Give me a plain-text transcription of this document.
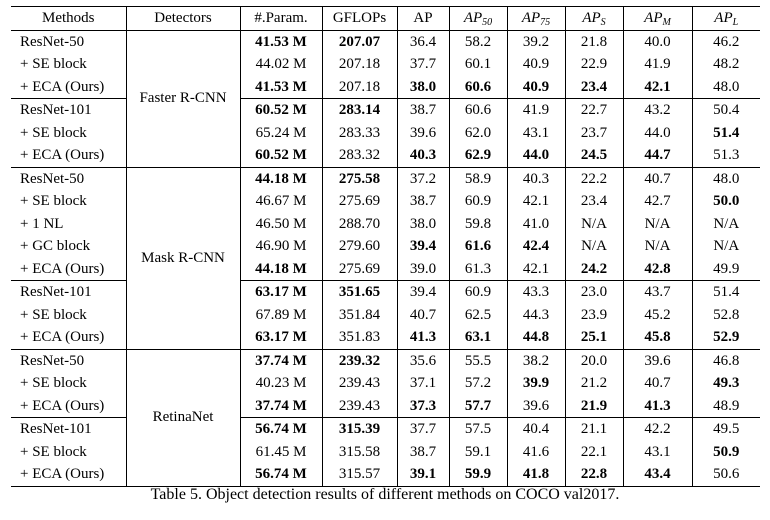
Methods	Detectors	#.Param.	GFLOPs	AP	$AP_{50}$	$AP_{75}$	$AP_S$	$AP_M$	$AP_L$
ResNet-50	Faster R-CNN	41.53 M	207.07	36.4	58.2	39.2	21.8	40.0	46.2
+ SE block		44.02 M	207.18	37.7	60.1	40.9	22.9	41.9	48.2
+ ECA (Ours)		41.53 M	207.18	38.0	60.6	40.9	23.4	42.1	48.0
ResNet-101		60.52 M	283.14	38.7	60.6	41.9	22.7	43.2	50.4
+ SE block		65.24 M	283.33	39.6	62.0	43.1	23.7	44.0	51.4
+ ECA (Ours)		60.52 M	283.32	40.3	62.9	44.0	24.5	44.7	51.3
ResNet-50	Mask R-CNN	44.18 M	275.58	37.2	58.9	40.3	22.2	40.7	48.0
+ SE block		46.67 M	275.69	38.7	60.9	42.1	23.4	42.7	50.0
+ 1 NL		46.50 M	288.70	38.0	59.8	41.0	N/A	N/A	N/A
+ GC block		46.90 M	279.60	39.4	61.6	42.4	N/A	N/A	N/A
+ ECA (Ours)		44.18 M	275.69	39.0	61.3	42.1	24.2	42.8	49.9
ResNet-101		63.17 M	351.65	39.4	60.9	43.3	23.0	43.7	51.4
+ SE block		67.89 M	351.84	40.7	62.5	44.3	23.9	45.2	52.8
+ ECA (Ours)		63.17 M	351.83	41.3	63.1	44.8	25.1	45.8	52.9
ResNet-50	RetinaNet	37.74 M	239.32	35.6	55.5	38.2	20.0	39.6	46.8
+ SE block		40.23 M	239.43	37.1	57.2	39.9	21.2	40.7	49.3
+ ECA (Ours)		37.74 M	239.43	37.3	57.7	39.6	21.9	41.3	48.9
ResNet-101		56.74 M	315.39	37.7	57.5	40.4	21.1	42.2	49.5
+ SE block		61.45 M	315.58	38.7	59.1	41.6	22.1	43.1	50.9
+ ECA (Ours)		56.74 M	315.57	39.1	59.9	41.8	22.8	43.4	50.6
Table 5. Object detection results of different methods on COCO val2017.
